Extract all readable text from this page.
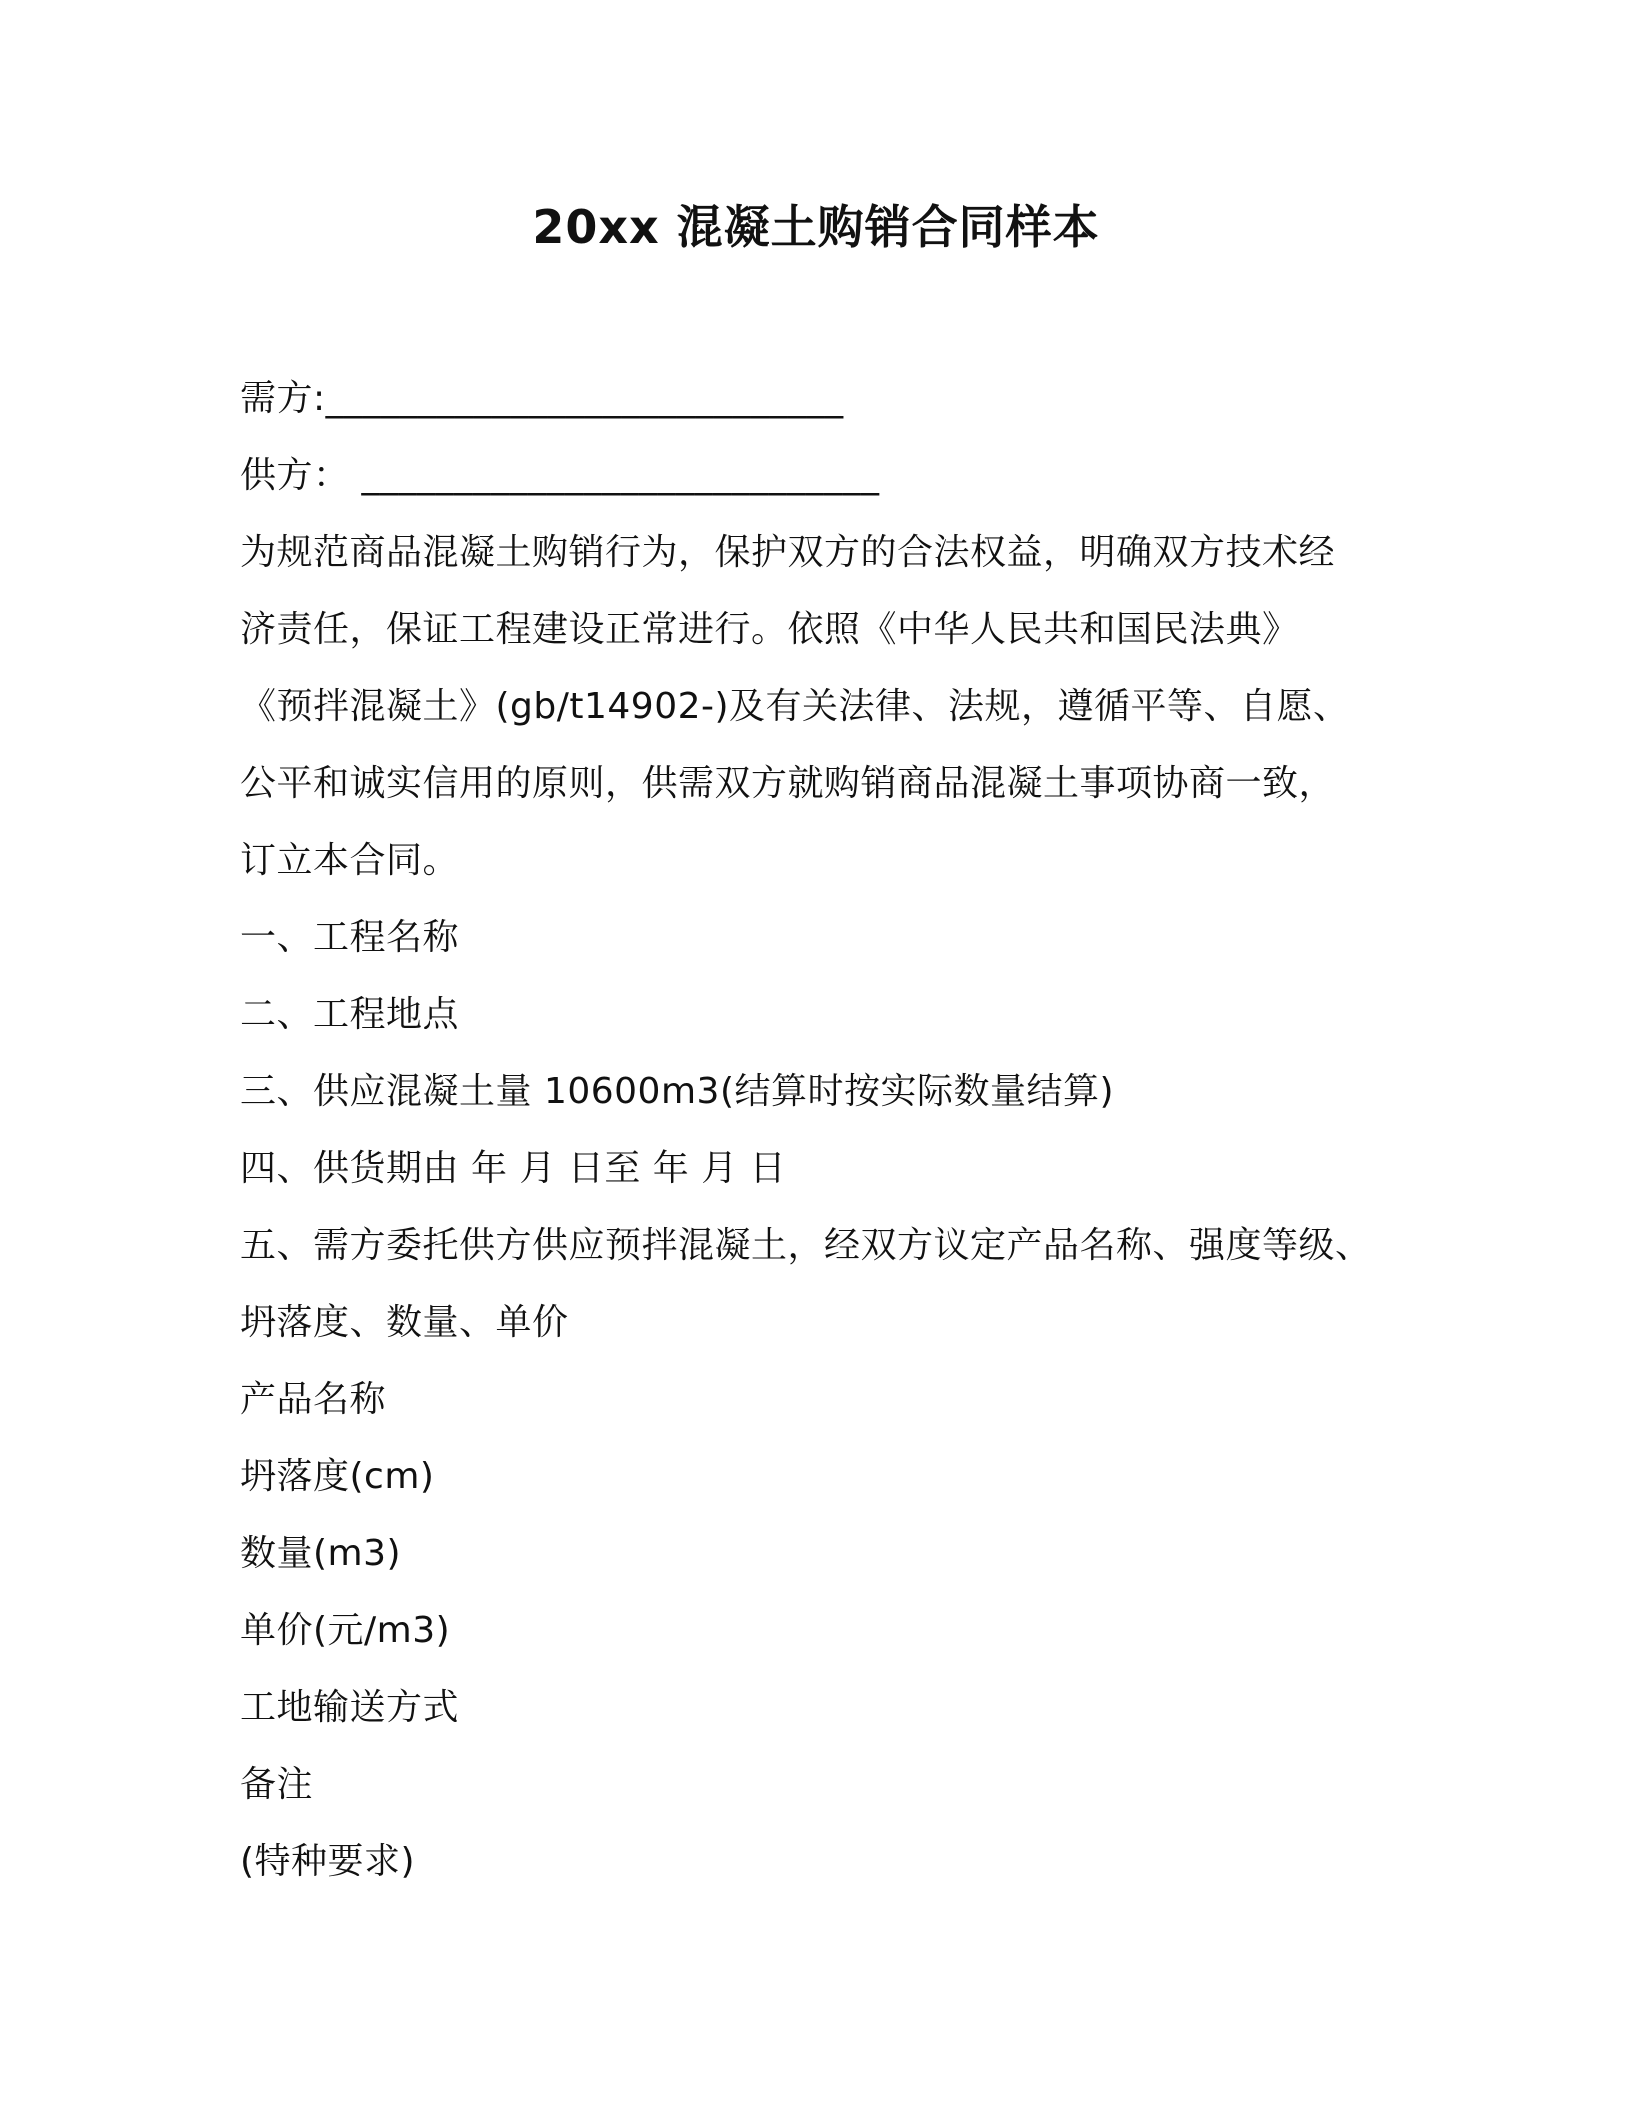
20xx 混凝土购销合同样本

需方:____________________________

供方： ____________________________

为规范商品混凝土购销行为，保护双方的合法权益，明确双方技术经

济责任，保证工程建设正常进行。依照《中华人民共和国民法典》

《预拌混凝土》(gb/t14902-)及有关法律、法规，遵循平等、自愿、

公平和诚实信用的原则，供需双方就购销商品混凝土事项协商一致，

订立本合同。

一、工程名称

二、工程地点

三、供应混凝土量 10600m3(结算时按实际数量结算)

四、供货期由 年 月 日至 年 月 日

五、需方委托供方供应预拌混凝土，经双方议定产品名称、强度等级、

坍落度、数量、单价

产品名称

坍落度(cm)

数量(m3)

单价(元/m3)

工地输送方式

备注

(特种要求)
